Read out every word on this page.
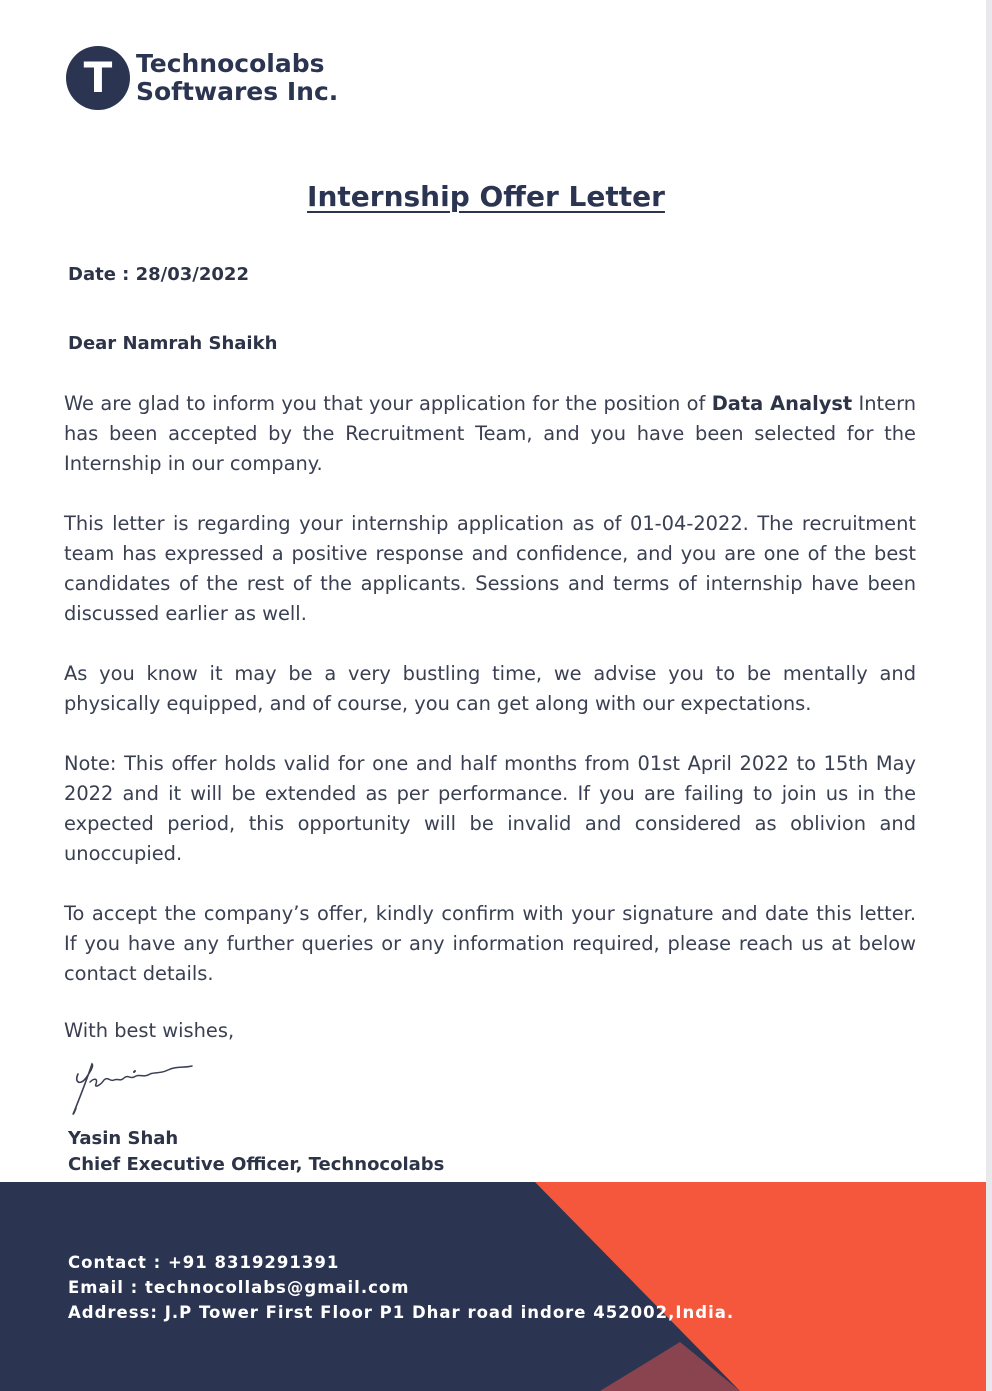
T Technocolabs
Softwares Inc.
Internship Offer Letter
Date : 28/03/2022
Dear Namrah Shaikh
We are glad to inform you that your application for the position of Data Analyst Intern has been accepted by the Recruitment Team, and you have been selected for the Internship in our company.
This letter is regarding your internship application as of 01-04-2022. The recruitment team has expressed a positive response and confidence, and you are one of the best candidates of the rest of the applicants. Sessions and terms of internship have been discussed earlier as well.
As you know it may be a very bustling time, we advise you to be mentally and physically equipped, and of course, you can get along with our expectations.
Note: This offer holds valid for one and half months from 01st April 2022 to 15th May 2022 and it will be extended as per performance. If you are failing to join us in the expected period, this opportunity will be invalid and considered as oblivion and unoccupied.
To accept the company’s offer, kindly confirm with your signature and date this letter. If you have any further queries or any information required, please reach us at below contact details.
With best wishes,
Yasin Shah
Chief Executive Officer, Technocolabs
Contact : +91 8319291391
Email : technocollabs@gmail.com
Address: J.P Tower First Floor P1 Dhar road indore 452002,India.
